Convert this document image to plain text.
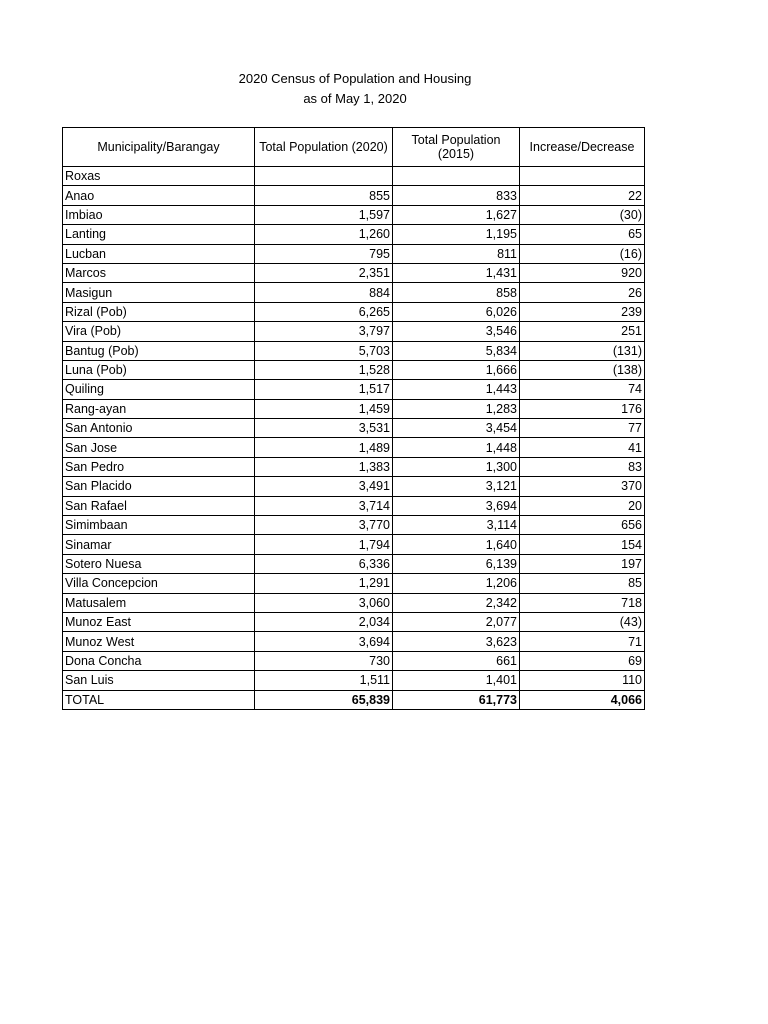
2020 Census of Population and Housing
as of May 1, 2020
Municipality/Barangay	Total Population (2020)	Total Population
(2015)	Increase/Decrease
Roxas			
Anao	855	833	22
Imbiao	1,597	1,627	(30)
Lanting	1,260	1,195	65
Lucban	795	811	(16)
Marcos	2,351	1,431	920
Masigun	884	858	26
Rizal (Pob)	6,265	6,026	239
Vira (Pob)	3,797	3,546	251
Bantug (Pob)	5,703	5,834	(131)
Luna (Pob)	1,528	1,666	(138)
Quiling	1,517	1,443	74
Rang-ayan	1,459	1,283	176
San Antonio	3,531	3,454	77
San Jose	1,489	1,448	41
San Pedro	1,383	1,300	83
San Placido	3,491	3,121	370
San Rafael	3,714	3,694	20
Simimbaan	3,770	3,114	656
Sinamar	1,794	1,640	154
Sotero Nuesa	6,336	6,139	197
Villa Concepcion	1,291	1,206	85
Matusalem	3,060	2,342	718
Munoz East	2,034	2,077	(43)
Munoz West	3,694	3,623	71
Dona Concha	730	661	69
San Luis	1,511	1,401	110
TOTAL	65,839	61,773	4,066
